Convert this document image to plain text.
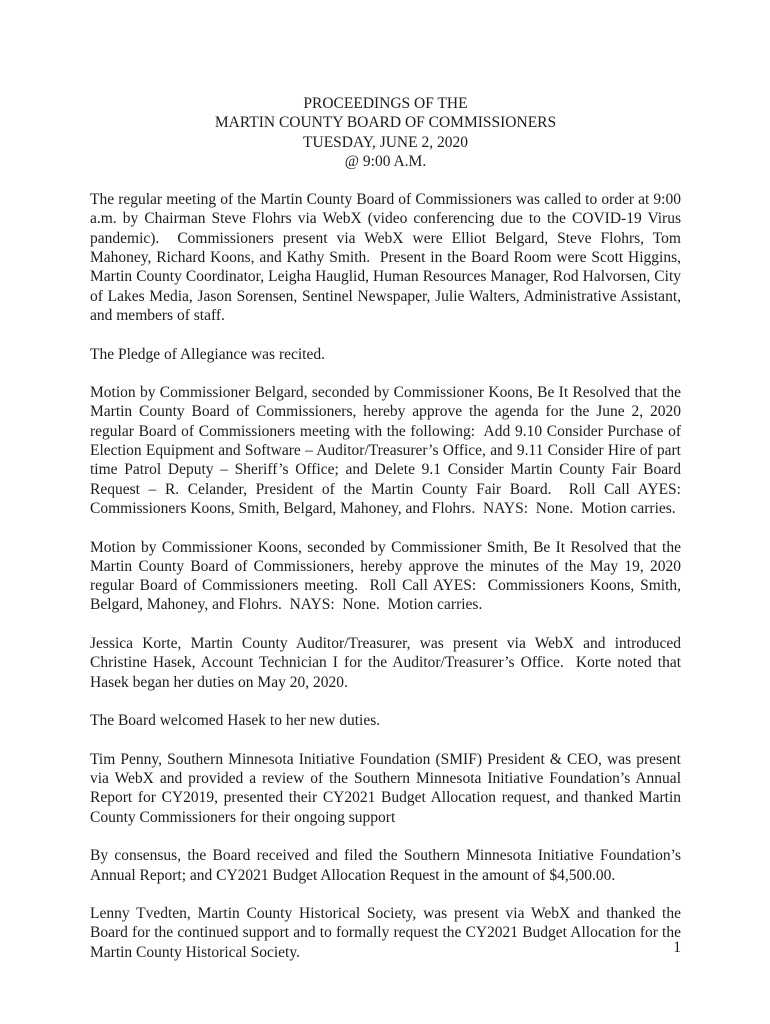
PROCEEDINGS OF THE
MARTIN COUNTY BOARD OF COMMISSIONERS
TUESDAY, JUNE 2, 2020
@ 9:00 A.M.

The regular meeting of the Martin County Board of Commissioners was called to order at 9:00 a.m. by Chairman Steve Flohrs via WebX (video conferencing due to the COVID-19 Virus pandemic).  Commissioners present via WebX were Elliot Belgard, Steve Flohrs, Tom Mahoney, Richard Koons, and Kathy Smith.  Present in the Board Room were Scott Higgins, Martin County Coordinator, Leigha Hauglid, Human Resources Manager, Rod Halvorsen, City of Lakes Media, Jason Sorensen, Sentinel Newspaper, Julie Walters, Administrative Assistant, and members of staff.

The Pledge of Allegiance was recited.

Motion by Commissioner Belgard, seconded by Commissioner Koons, Be It Resolved that the Martin County Board of Commissioners, hereby approve the agenda for the June 2, 2020 regular Board of Commissioners meeting with the following:  Add 9.10 Consider Purchase of Election Equipment and Software – Auditor/Treasurer’s Office, and 9.11 Consider Hire of part time Patrol Deputy – Sheriff’s Office; and Delete 9.1 Consider Martin County Fair Board Request – R. Celander, President of the Martin County Fair Board.  Roll Call AYES:  Commissioners Koons, Smith, Belgard, Mahoney, and Flohrs.  NAYS:  None.  Motion carries.

Motion by Commissioner Koons, seconded by Commissioner Smith, Be It Resolved that the Martin County Board of Commissioners, hereby approve the minutes of the May 19, 2020 regular Board of Commissioners meeting.  Roll Call AYES:  Commissioners Koons, Smith, Belgard, Mahoney, and Flohrs.  NAYS:  None.  Motion carries.

Jessica Korte, Martin County Auditor/Treasurer, was present via WebX and introduced Christine Hasek, Account Technician I for the Auditor/Treasurer’s Office.  Korte noted that Hasek began her duties on May 20, 2020.

The Board welcomed Hasek to her new duties.

Tim Penny, Southern Minnesota Initiative Foundation (SMIF) President & CEO, was present via WebX and provided a review of the Southern Minnesota Initiative Foundation’s Annual Report for CY2019, presented their CY2021 Budget Allocation request, and thanked Martin County Commissioners for their ongoing support

By consensus, the Board received and filed the Southern Minnesota Initiative Foundation’s Annual Report; and CY2021 Budget Allocation Request in the amount of $4,500.00.

Lenny Tvedten, Martin County Historical Society, was present via WebX and thanked the Board for the continued support and to formally request the CY2021 Budget Allocation for the Martin County Historical Society.	1
